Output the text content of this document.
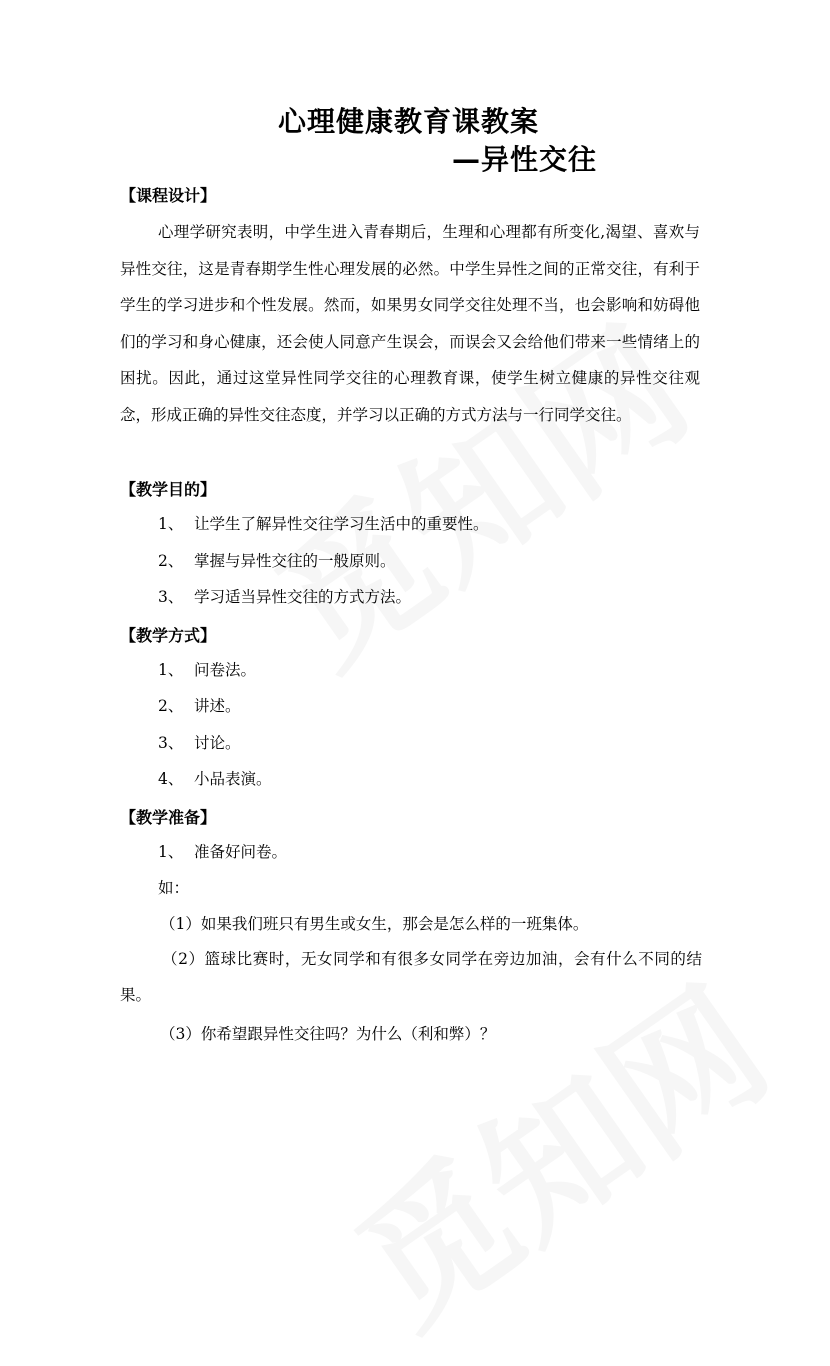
心理健康教育课教案
—异性交往
【课程设计】
心理学研究表明，中学生进入青春期后，生理和心理都有所变化,渴望、喜欢与异性交往，这是青春期学生性心理发展的必然。中学生异性之间的正常交往，有利于学生的学习进步和个性发展。然而，如果男女同学交往处理不当，也会影响和妨碍他们的学习和身心健康，还会使人同意产生误会，而误会又会给他们带来一些情绪上的困扰。因此，通过这堂异性同学交往的心理教育课，使学生树立健康的异性交往观念，形成正确的异性交往态度，并学习以正确的方式方法与一行同学交往。
【教学目的】
1、 让学生了解异性交往学习生活中的重要性。
2、 掌握与异性交往的一般原则。
3、 学习适当异性交往的方式方法。
【教学方式】
1、 问卷法。
2、 讲述。
3、 讨论。
4、 小品表演。
【教学准备】
1、 准备好问卷。
如：
（1）如果我们班只有男生或女生，那会是怎么样的一班集体。
（2）篮球比赛时，无女同学和有很多女同学在旁边加油，会有什么不同的结果。
（3）你希望跟异性交往吗？为什么（利和弊）？
